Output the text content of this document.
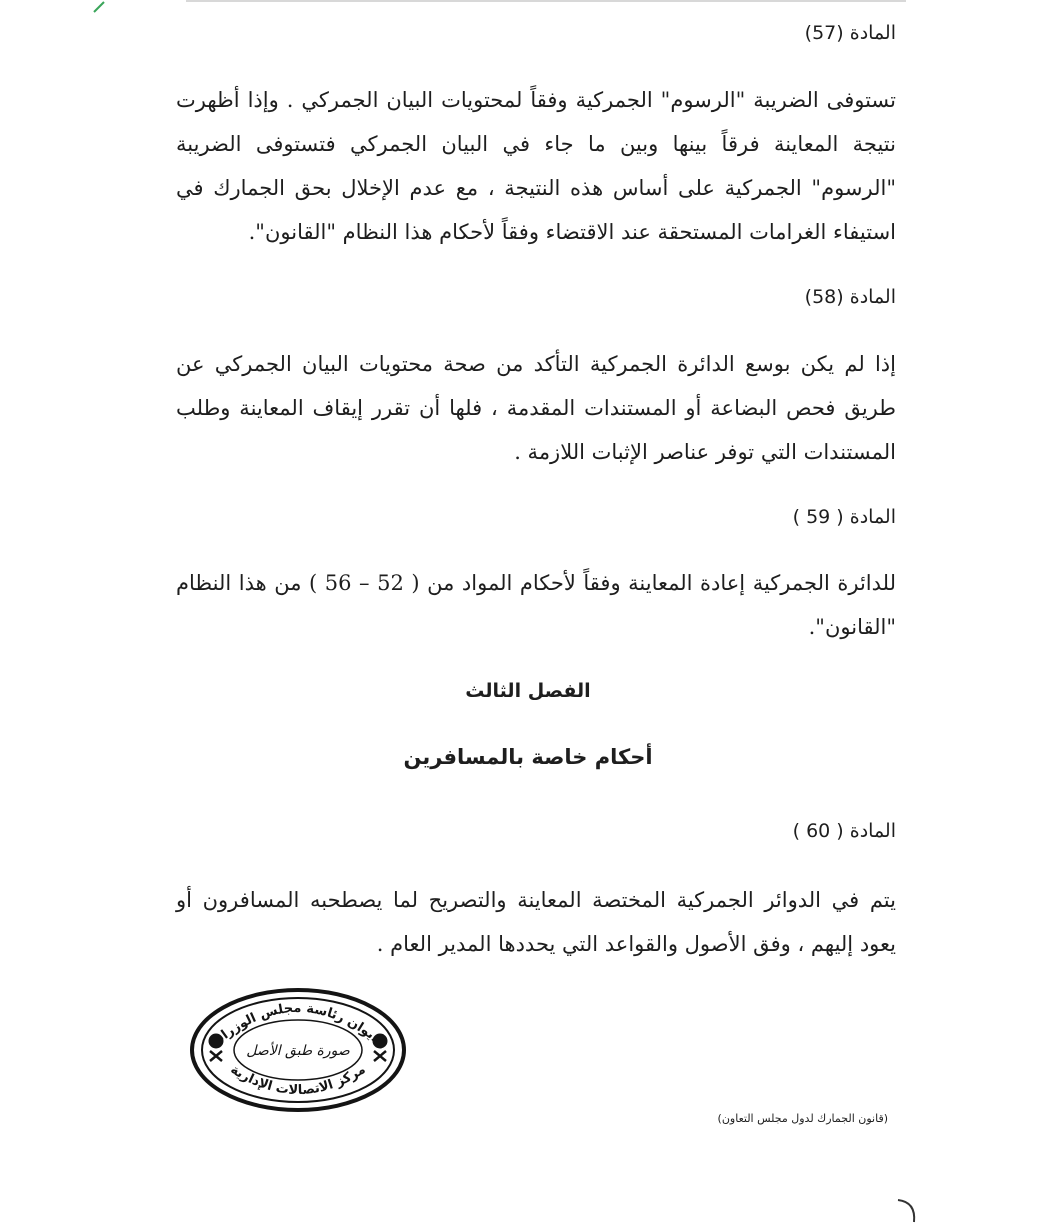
المادة (57)

تستوفى الضريبة "الرسوم" الجمركية وفقاً لمحتويات البيان الجمركي . وإذا أظهرت نتيجة المعاينة فرقاً بينها وبين ما جاء في البيان الجمركي فتستوفى الضريبة "الرسوم" الجمركية على أساس هذه النتيجة ، مع عدم الإخلال بحق الجمارك في استيفاء الغرامات المستحقة عند الاقتضاء وفقاً لأحكام هذا النظام "القانون".

المادة (58)

إذا لم يكن بوسع الدائرة الجمركية التأكد من صحة محتويات البيان الجمركي عن طريق فحص البضاعة أو المستندات المقدمة ، فلها أن تقرر إيقاف المعاينة وطلب المستندات التي توفر عناصر الإثبات اللازمة .

المادة ( 59 )

للدائرة الجمركية إعادة المعاينة وفقاً لأحكام المواد من ( 52 – 56 ) من هذا النظام "القانون".

الفصل الثالث
أحكام خاصة بالمسافرين
المادة ( 60 )

يتم في الدوائر الجمركية المختصة المعاينة والتصريح لما يصطحبه المسافرون أو يعود إليهم ، وفق الأصول والقواعد التي يحددها المدير العام .

ديوان رئاسة مجلس الوزراء
صورة طبق الأصل
مركز الاتصالات الإدارية
(قانون الجمارك لدول مجلس التعاون)
